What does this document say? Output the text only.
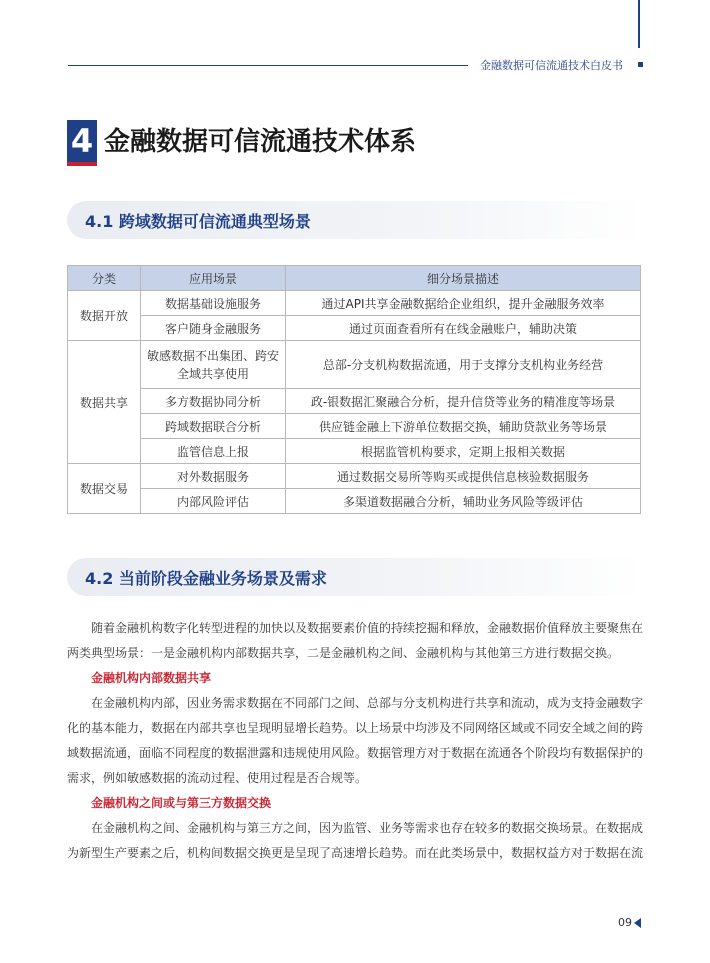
金融数据可信流通技术白皮书
4 金融数据可信流通技术体系
4.1 跨域数据可信流通典型场景
分类	应用场景	细分场景描述
数据开放	数据基础设施服务	通过API共享金融数据给企业组织，提升金融服务效率
	客户随身金融服务	通过页面查看所有在线金融账户，辅助决策
数据共享	敏感数据不出集团、跨安全域共享使用	总部-分支机构数据流通，用于支撑分支机构业务经营
	多方数据协同分析	政-银数据汇聚融合分析，提升信贷等业务的精准度等场景
	跨域数据联合分析	供应链金融上下游单位数据交换，辅助贷款业务等场景
	监管信息上报	根据监管机构要求，定期上报相关数据
数据交易	对外数据服务	通过数据交易所等购买或提供信息核验数据服务
	内部风险评估	多渠道数据融合分析，辅助业务风险等级评估
4.2 当前阶段金融业务场景及需求

随着金融机构数字化转型进程的加快以及数据要素价值的持续挖掘和释放，金融数据价值释放主要聚焦在两类典型场景：一是金融机构内部数据共享，二是金融机构之间、金融机构与其他第三方进行数据交换。

金融机构内部数据共享

在金融机构内部，因业务需求数据在不同部门之间、总部与分支机构进行共享和流动，成为支持金融数字化的基本能力，数据在内部共享也呈现明显增长趋势。以上场景中均涉及不同网络区域或不同安全域之间的跨域数据流通，面临不同程度的数据泄露和违规使用风险。数据管理方对于数据在流通各个阶段均有数据保护的需求，例如敏感数据的流动过程、使用过程是否合规等。

金融机构之间或与第三方数据交换

在金融机构之间、金融机构与第三方之间，因为监管、业务等需求也存在较多的数据交换场景。在数据成为新型生产要素之后，机构间数据交换更是呈现了高速增长趋势。而在此类场景中，数据权益方对于数据在流

09
